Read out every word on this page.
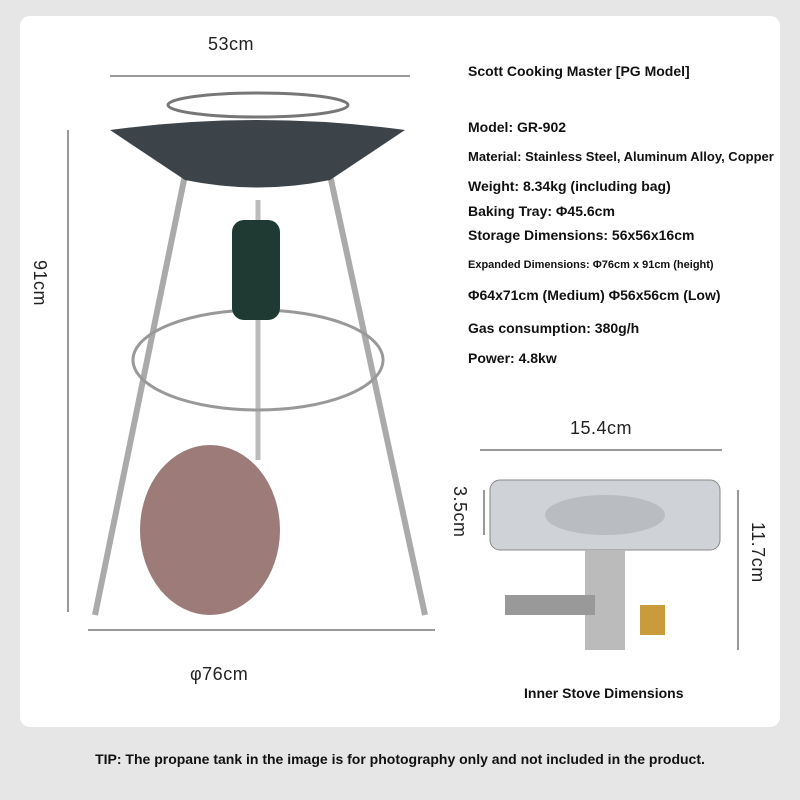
53cm
91cm
φ76cm
15.4cm
3.5cm
11.7cm
Scott Cooking Master [PG Model]
Model: GR-902
Material: Stainless Steel, Aluminum Alloy, Copper
Weight: 8.34kg (including bag)
Baking Tray: Φ45.6cm
Storage Dimensions: 56x56x16cm
Expanded Dimensions: Φ76cm x 91cm (height)
Φ64x71cm (Medium) Φ56x56cm (Low)
Gas consumption: 380g/h
Power: 4.8kw
Inner Stove Dimensions
TIP: The propane tank in the image is for photography only and not included in the product.
